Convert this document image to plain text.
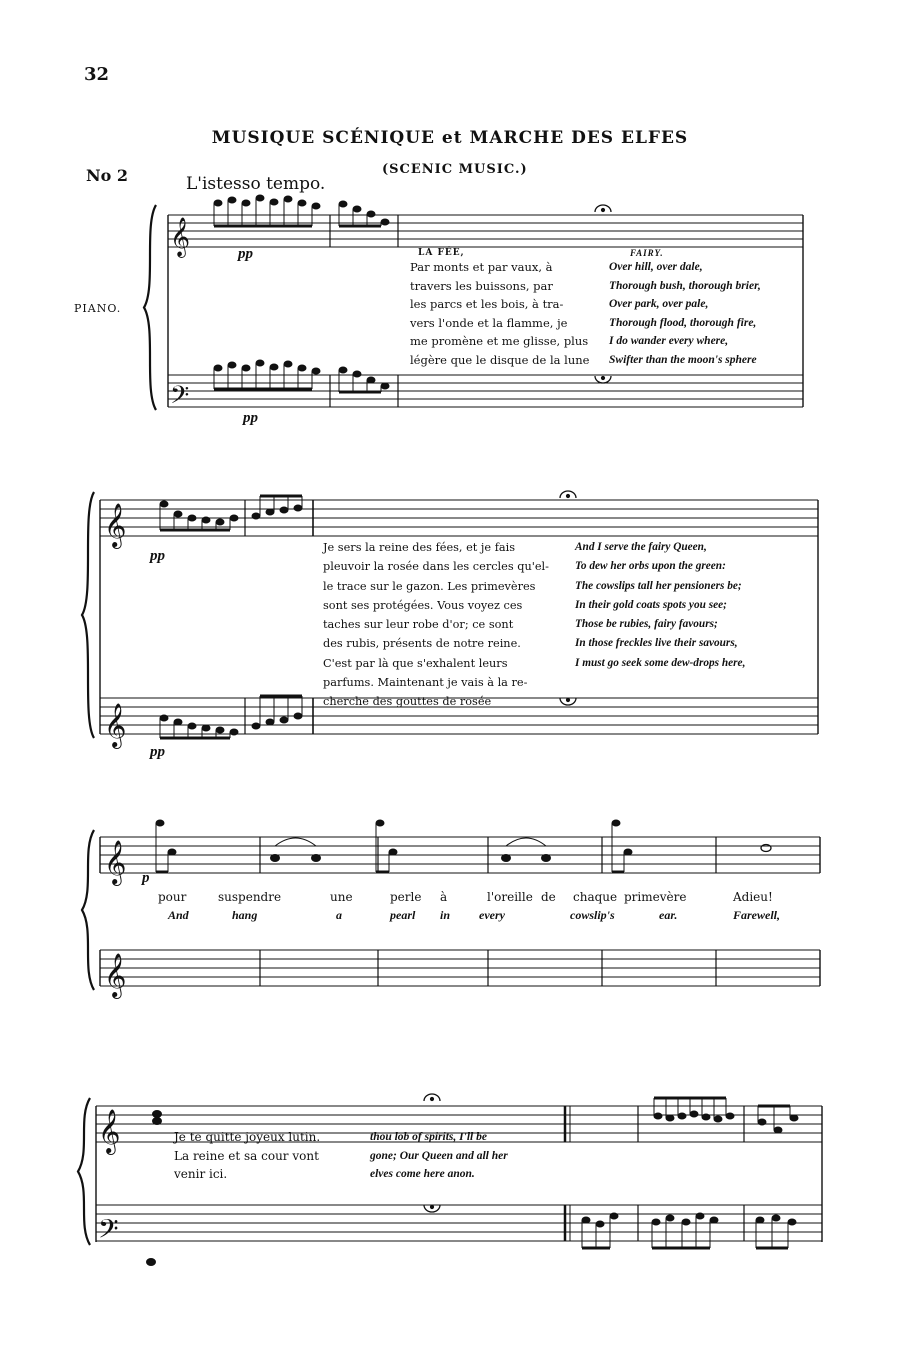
32
MUSIQUE SCÉNIQUE et MARCHE DES ELFES
No 2	L'istesso tempo.
(SCENIC MUSIC.)
PIANO.
𝄞
𝄢
𝄞
𝄞
𝄞
𝄞
𝄞
𝄢
LA FÉE,	FAIRY.
Par monts et par vaux, à
travers les buissons, par
les parcs et les bois, à tra-
vers l'onde et la flamme, je
me promène et me glisse, plus
légère que le disque de la lune
Over hill, over dale,
Thorough bush, thorough brier,
Over park, over pale,
Thorough flood, thorough fire,
I do wander every where,
Swifter than the moon's sphere
Je sers la reine des fées, et je fais
pleuvoir la rosée dans les cercles qu'el-
le trace sur le gazon. Les primevères
sont ses protégées. Vous voyez ces
taches sur leur robe d'or; ce sont
des rubis, présents de notre reine.
C'est par là que s'exhalent leurs
parfums. Maintenant je vais à la re-
cherche des gouttes de rosée
And I serve the fairy Queen,
To dew her orbs upon the green:
The cowslips tall her pensioners be;
In their gold coats spots you see;
Those be rubies, fairy favours;
In those freckles live their savours,
I must go seek some dew-drops here,
pour	suspendre	une	perle à	l'oreille de chaque primevère	Adieu!
And	hang	a	pearl in every	cowslip's	ear.	Farewell,
Je te quitte joyeux lutin.
La reine et sa cour vont
venir ici.
thou lob of spirits, I'll be
gone; Our Queen and all her
elves come here anon.
pp
pp
pp
pp
p
